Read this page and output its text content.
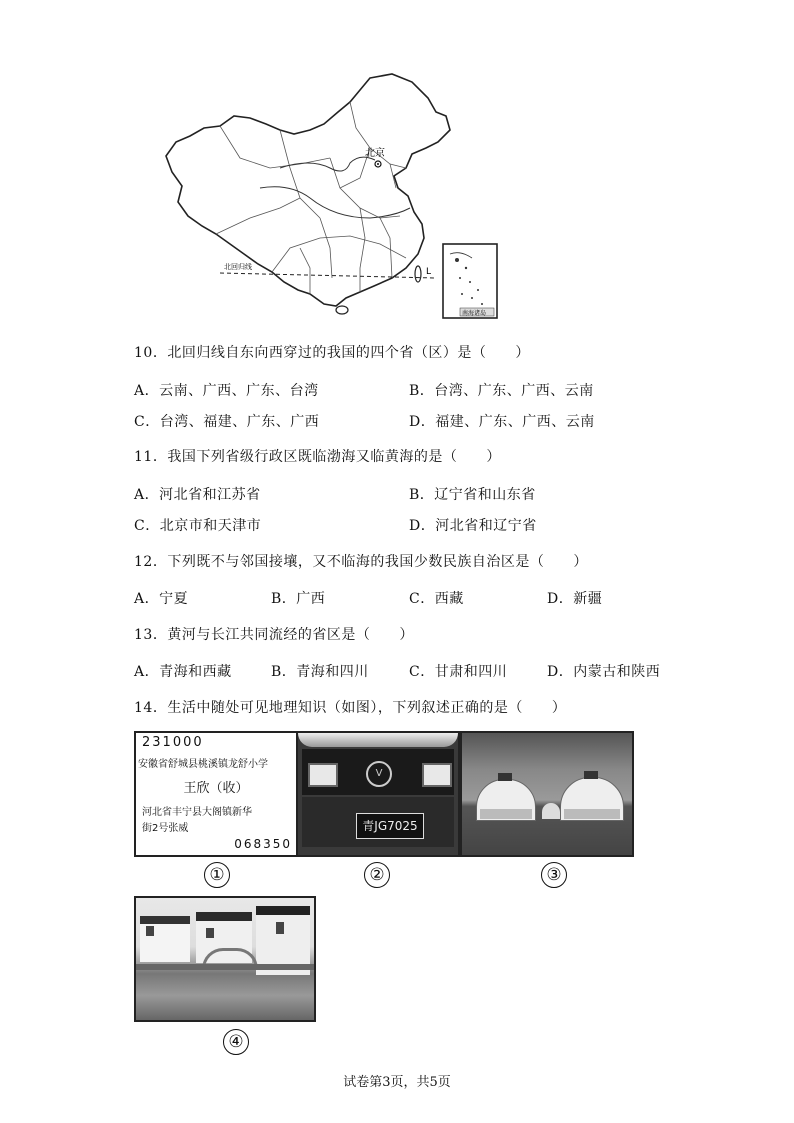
北京
北回归线	L
南海诸岛
10．北回归线自东向西穿过的我国的四个省（区）是（　　）
A．云南、广西、广东、台湾	B．台湾、广东、广西、云南
C．台湾、福建、广东、广西	D．福建、广东、广西、云南
11．我国下列省级行政区既临渤海又临黄海的是（　　）
A．河北省和江苏省	B．辽宁省和山东省
C．北京市和天津市	D．河北省和辽宁省
12．下列既不与邻国接壤，又不临海的我国少数民族自治区是（　　）
A．宁夏	B．广西	C．西藏	D．新疆
13．黄河与长江共同流经的省区是（　　）
A．青海和西藏	B．青海和四川	C．甘肃和四川	D．内蒙古和陕西
14．生活中随处可见地理知识（如图），下列叙述正确的是（　　）
231000
安徽省舒城县桃溪镇龙舒小学
王欣（收）
河北省丰宁县大阁镇新华
街2号张威
068350
V
青JG7025
①	②	③
④
试卷第3页，共5页
